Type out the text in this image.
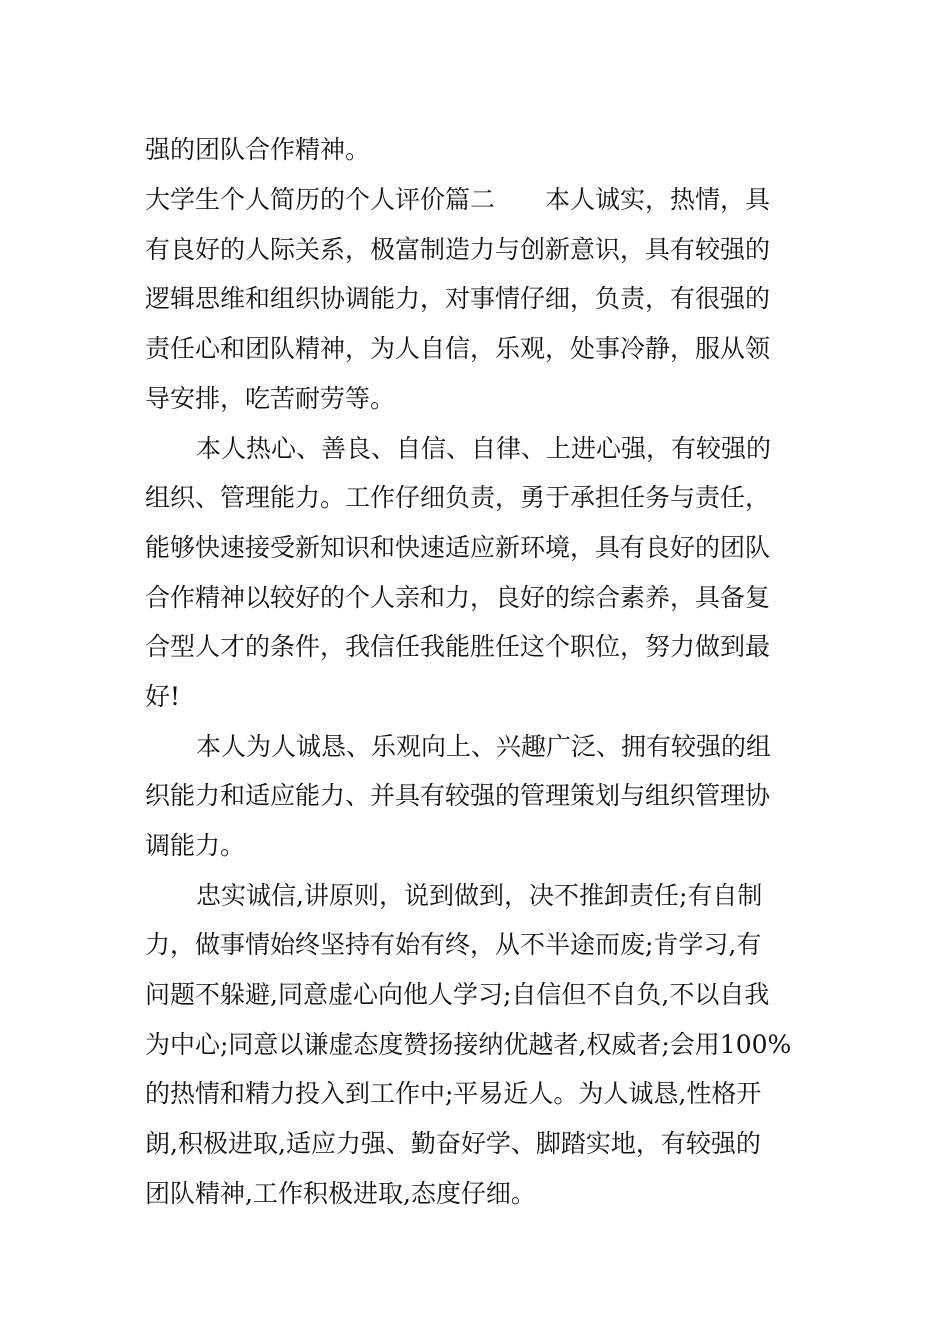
强的团队合作精神。
大学生个人简历的个人评价篇二　　本人诚实，热情，具
有良好的人际关系，极富制造力与创新意识，具有较强的
逻辑思维和组织协调能力，对事情仔细，负责，有很强的
责任心和团队精神，为人自信，乐观，处事冷静，服从领
导安排，吃苦耐劳等。
本人热心、善良、自信、自律、上进心强，有较强的
组织、管理能力。工作仔细负责，勇于承担任务与责任，
能够快速接受新知识和快速适应新环境，具有良好的团队
合作精神以较好的个人亲和力，良好的综合素养，具备复
合型人才的条件，我信任我能胜任这个职位，努力做到最
好!
本人为人诚恳、乐观向上、兴趣广泛、拥有较强的组
织能力和适应能力、并具有较强的管理策划与组织管理协
调能力。
忠实诚信,讲原则，说到做到，决不推卸责任;有自制
力，做事情始终坚持有始有终，从不半途而废;肯学习,有
问题不躲避,同意虚心向他人学习;自信但不自负,不以自我
为中心;同意以谦虚态度赞扬接纳优越者,权威者;会用100%
的热情和精力投入到工作中;平易近人。为人诚恳,性格开
朗,积极进取,适应力强、勤奋好学、脚踏实地，有较强的
团队精神,工作积极进取,态度仔细。
